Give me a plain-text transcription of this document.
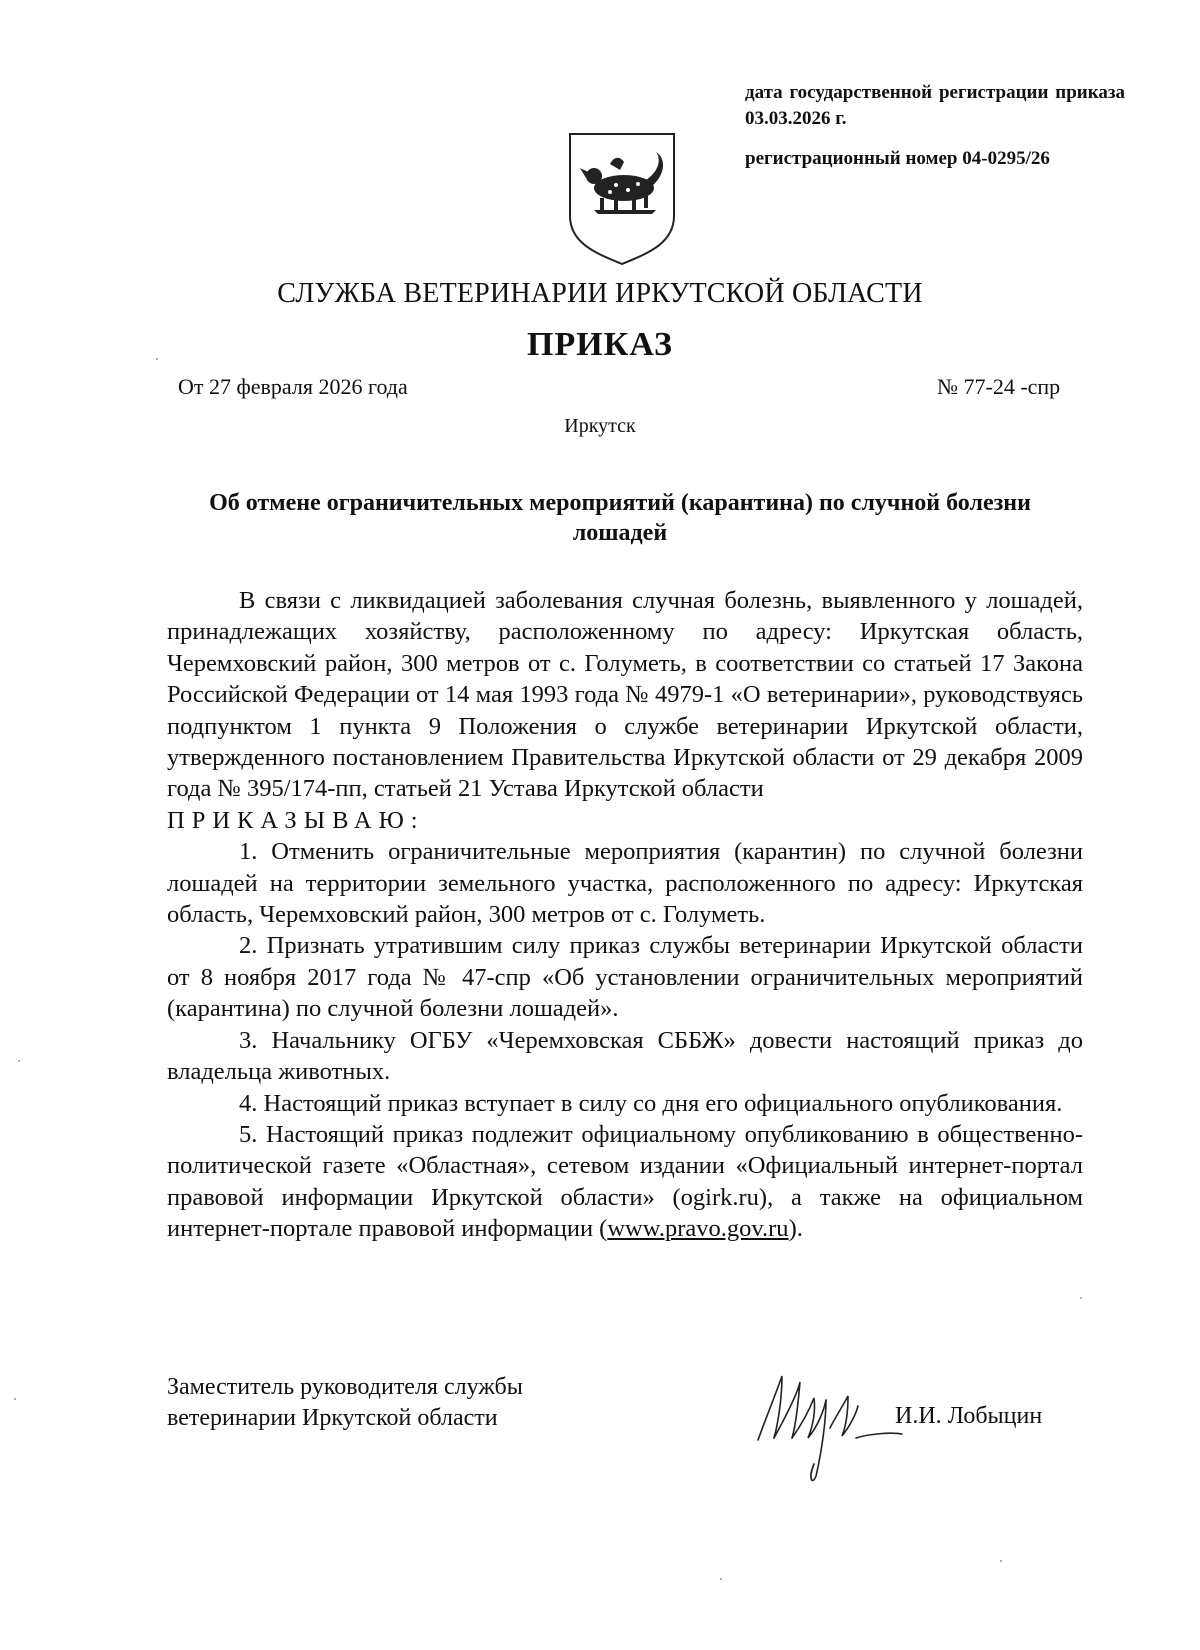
дата государственной регистрации приказа 03.03.2026 г.
регистрационный номер 04-0295/26
СЛУЖБА ВЕТЕРИНАРИИ ИРКУТСКОЙ ОБЛАСТИ
ПРИКАЗ
От 27 февраля 2026 года	№ 77-24 -спр
Иркутск
Об отмене ограничительных мероприятий (карантина) по случной болезни лошадей

В связи с ликвидацией заболевания случная болезнь, выявленного у лошадей, принадлежащих хозяйству, расположенному по адресу: Иркутская область, Черемховский район, 300 метров от с. Голуметь, в соответствии со статьей 17 Закона Российской Федерации от 14 мая 1993 года № 4979-1 «О ветеринарии», руководствуясь подпунктом 1 пункта 9 Положения о службе ветеринарии Иркутской области, утвержденного постановлением Правительства Иркутской области от 29 декабря 2009 года № 395/174-пп, статьей 21 Устава Иркутской области

ПРИКАЗЫВАЮ:

1. Отменить ограничительные мероприятия (карантин) по случной болезни лошадей на территории земельного участка, расположенного по адресу: Иркутская область, Черемховский район, 300 метров от с. Голуметь.

2. Признать утратившим силу приказ службы ветеринарии Иркутской области от 8 ноября 2017 года № 47-спр «Об установлении ограничительных мероприятий (карантина) по случной болезни лошадей».

3. Начальнику ОГБУ «Черемховская СББЖ» довести настоящий приказ до владельца животных.

4. Настоящий приказ вступает в силу со дня его официального опубликования.

5. Настоящий приказ подлежит официальному опубликованию в общественно-политической газете «Областная», сетевом издании «Официальный интернет-портал правовой информации Иркутской области» (ogirk.ru), а также на официальном интернет-портале правовой информации (www.pravo.gov.ru).

Заместитель руководителя службы
ветеринарии Иркутской области	И.И. Лобыцин
